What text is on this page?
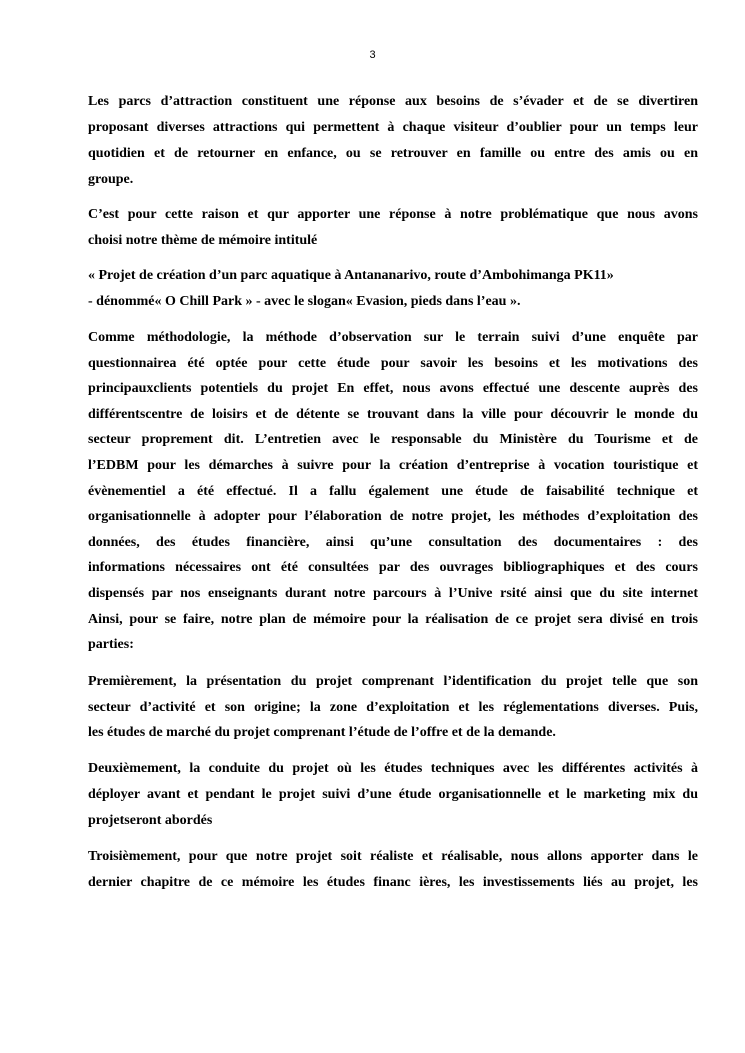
3
Les parcs d’attraction constituent une réponse aux besoins de s’évader et de se divertiren
proposant diverses attractions qui permettent à chaque visiteur d’oublier pour un temps leur
quotidien et de retourner en enfance, ou se retrouver en famille ou entre des amis ou en
groupe.
C’est pour cette raison et qur apporter une réponse à notre problématique que nous avons
choisi notre thème de mémoire intitulé
« Projet de création d’un parc aquatique à Antananarivo, route d’Ambohimanga PK11»
- dénommé« O Chill Park » - avec le slogan« Evasion, pieds dans l’eau ».
Comme méthodologie, la méthode d’observation sur le terrain suivi d’une enquête par
questionnairea été optée pour cette étude pour savoir les besoins et les motivations des
principauxclients potentiels du projet En effet, nous avons effectué une descente auprès des
différentscentre de loisirs et de détente se trouvant dans la ville pour découvrir le monde du
secteur proprement dit. L’entretien avec le responsable du Ministère du Tourisme et de
l’EDBM pour les démarches à suivre pour la création d’entreprise à vocation touristique et
évènementiel a été effectué. Il a fallu également une étude de faisabilité technique et
organisationnelle à adopter pour l’élaboration de notre projet, les méthodes d’exploitation des
données, des études financière, ainsi qu’une consultation des documentaires : des
informations nécessaires ont été consultées par des ouvrages bibliographiques et des cours
dispensés par nos enseignants durant notre parcours à l’Unive rsité ainsi que du site internet
Ainsi, pour se faire, notre plan de mémoire pour la réalisation de ce projet sera divisé en trois
parties:
Premièrement, la présentation du projet comprenant l’identification du projet telle que son
secteur d’activité et son origine; la zone d’exploitation et les réglementations diverses. Puis,
les études de marché du projet comprenant l’étude de l’offre et de la demande.
Deuxièmement, la conduite du projet où les études techniques avec les différentes activités à
déployer avant et pendant le projet suivi d’une étude organisationnelle et le marketing mix du
projetseront abordés
Troisièmement, pour que notre projet soit réaliste et réalisable, nous allons apporter dans le
dernier chapitre de ce mémoire les études financ ières, les investissements liés au projet, les
